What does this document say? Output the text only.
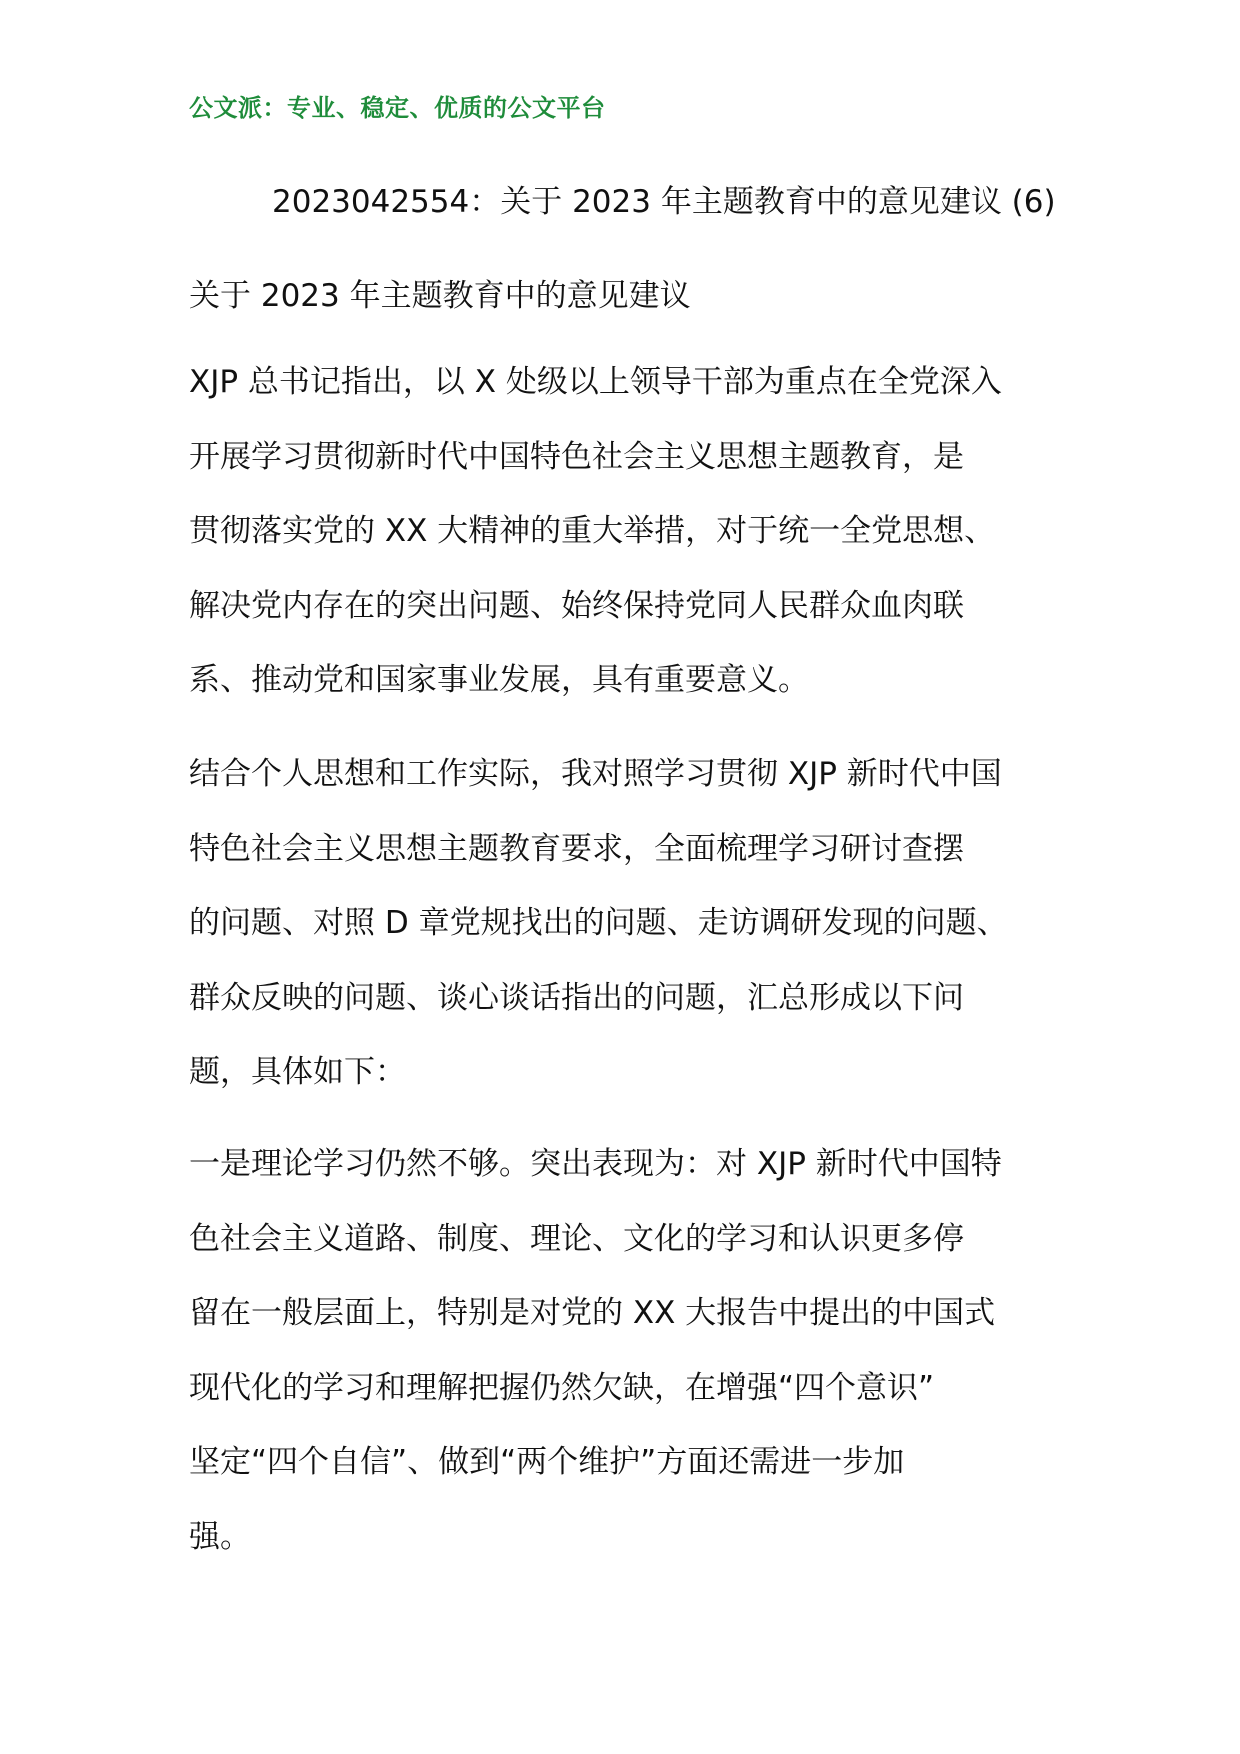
公文派：专业、稳定、优质的公文平台
2023042554：关于 2023 年主题教育中的意见建议 (6)
关于 2023 年主题教育中的意见建议
XJP 总书记指出，以 X 处级以上领导干部为重点在全党深入
开展学习贯彻新时代中国特色社会主义思想主题教育，是
贯彻落实党的 XX 大精神的重大举措，对于统一全党思想、
解决党内存在的突出问题、始终保持党同人民群众血肉联
系、推动党和国家事业发展，具有重要意义。
结合个人思想和工作实际，我对照学习贯彻 XJP 新时代中国
特色社会主义思想主题教育要求，全面梳理学习研讨查摆
的问题、对照 D 章党规找出的问题、走访调研发现的问题、
群众反映的问题、谈心谈话指出的问题，汇总形成以下问
题，具体如下：
一是理论学习仍然不够。突出表现为：对 XJP 新时代中国特
色社会主义道路、制度、理论、文化的学习和认识更多停
留在一般层面上，特别是对党的 XX 大报告中提出的中国式
现代化的学习和理解把握仍然欠缺，在增强“四个意识”
坚定“四个自信”、做到“两个维护”方面还需进一步加
强。
